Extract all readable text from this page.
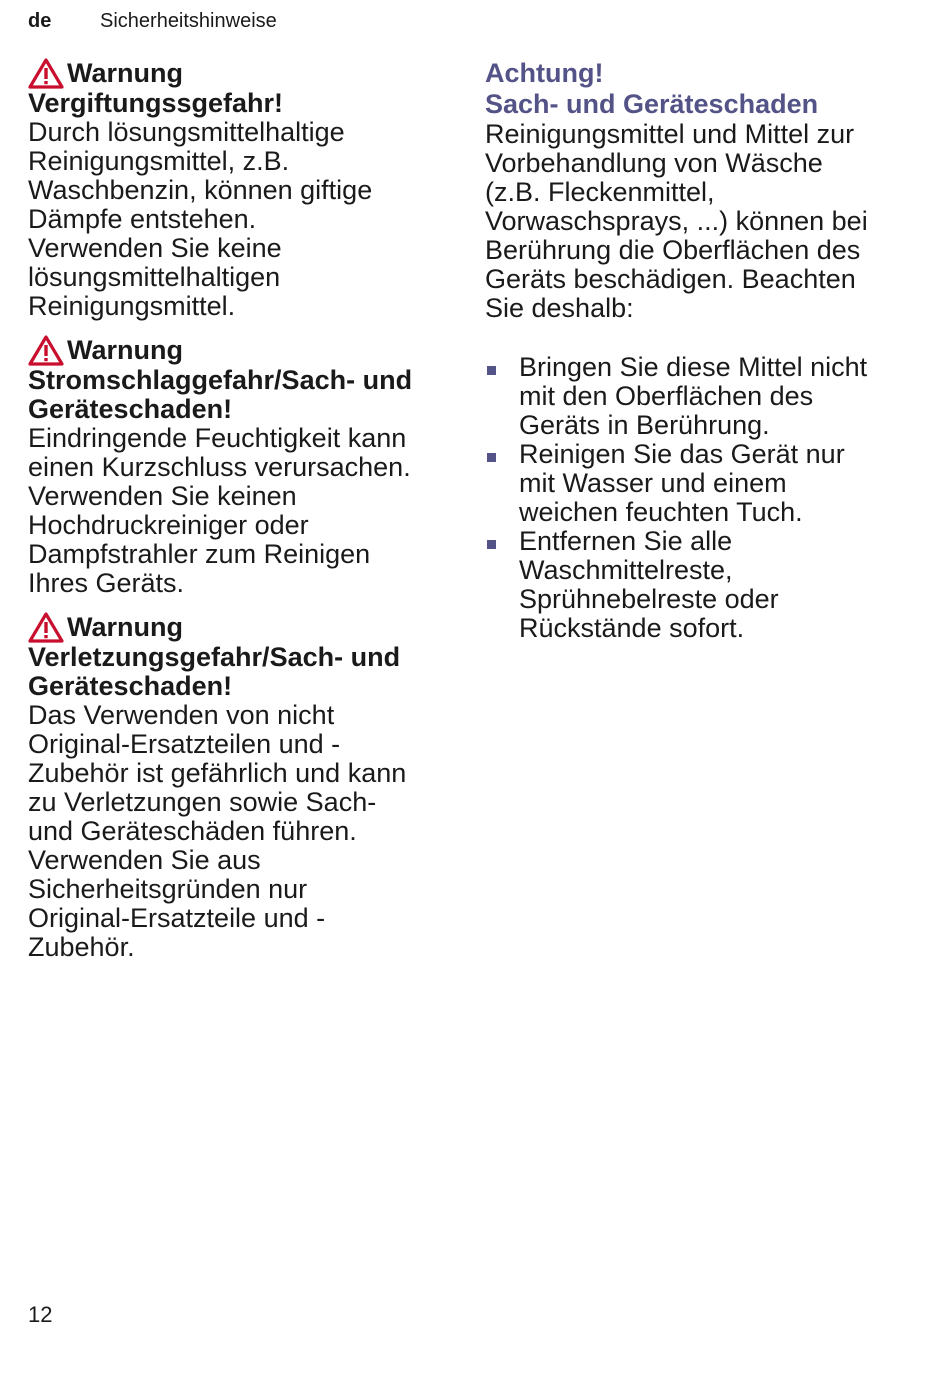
de Sicherheitshinweise
Warnung
Vergiftungssgefahr!
Durch lösungsmittelhaltige
Reinigungsmittel, z.B.
Waschbenzin, können giftige
Dämpfe entstehen.
Verwenden Sie keine
lösungsmittelhaltigen
Reinigungsmittel.
Warnung
Stromschlaggefahr/Sach- und
Geräteschaden!
Eindringende Feuchtigkeit kann
einen Kurzschluss verursachen.
Verwenden Sie keinen
Hochdruckreiniger oder
Dampfstrahler zum Reinigen
Ihres Geräts.
Warnung
Verletzungsgefahr/Sach- und
Geräteschaden!
Das Verwenden von nicht
Original-Ersatzteilen und -
Zubehör ist gefährlich und kann
zu Verletzungen sowie Sach-
und Geräteschäden führen.
Verwenden Sie aus
Sicherheitsgründen nur
Original-Ersatzteile und -
Zubehör.
Achtung!
Sach- und Geräteschaden
Reinigungsmittel und Mittel zur
Vorbehandlung von Wäsche
(z.B. Fleckenmittel,
Vorwaschsprays, ...) können bei
Berührung die Oberflächen des
Geräts beschädigen. Beachten
Sie deshalb:
Bringen Sie diese Mittel nicht
mit den Oberflächen des
Geräts in Berührung.
Reinigen Sie das Gerät nur
mit Wasser und einem
weichen feuchten Tuch.
Entfernen Sie alle
Waschmittelreste,
Sprühnebelreste oder
Rückstände sofort.
12
